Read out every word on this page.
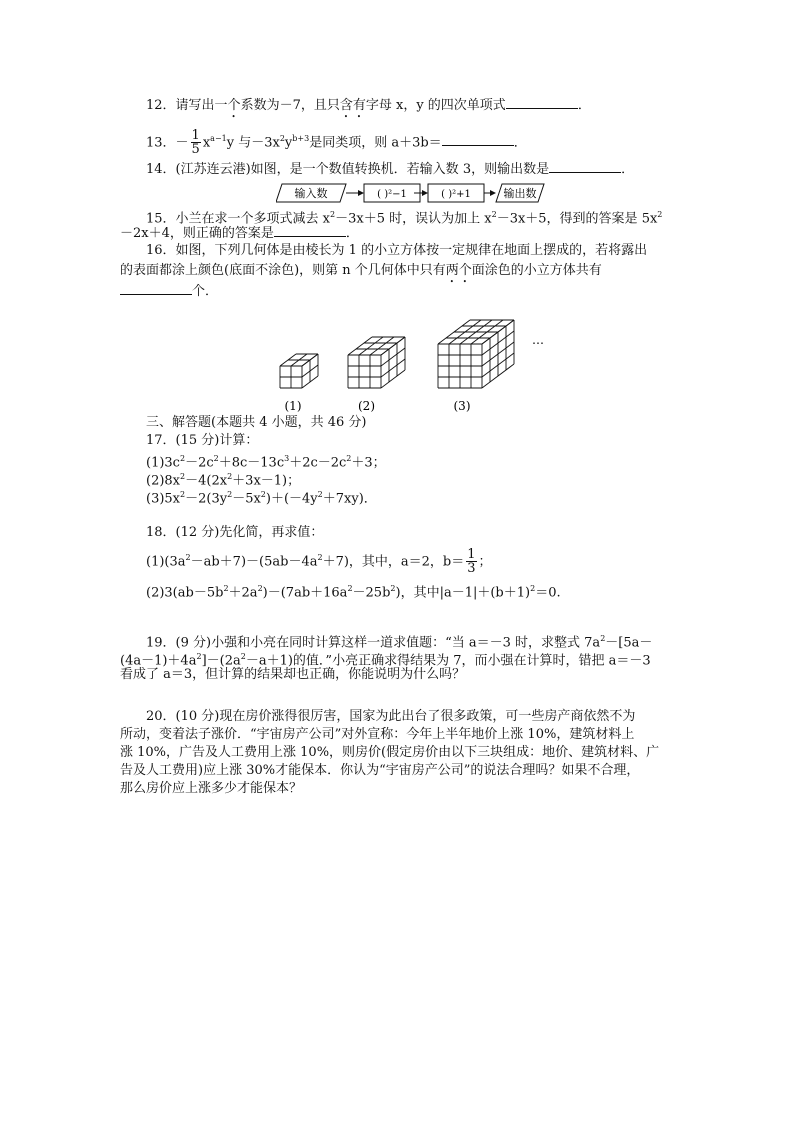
12．请写出一个系数为－7，且只含有字母 x，y 的四次单项式	．
13．－ $\frac{1}{5} x^{a-1}y$ 与$-3x^2y^{b+3}$是同类项，则 a＋3b＝	．
14．(江苏连云港)如图，是一个数值转换机．若输入数 3，则输出数是	．
输入数	( )²−1	( )²+1	输出数
15．小兰在求一个多项式减去 $x^2-3x+5$ 时，误认为加上 $x^2-3x+5$，得到的答案是 $5x^2$
－2x＋4，则正确的答案是	．
16．如图，下列几何体是由棱长为 1 的小立方体按一定规律在地面上摆成的，若将露出
的表面都涂上颜色(底面不涂色)，则第 n 个几何体中只有两个面涂色的小立方体共有
个．
(1)	(2)	(3)
…
三、解答题(本题共 4 小题，共 46 分)
17．(15 分)计算：
$(1)3c^2-2c^2+8c-13c^3+2c-2c^2+3$；
$(2)8x^2-4(2x^2+3x-1)$；
$(3)5x^2-2(3y^2-5x^2)+(-4y^2+7xy)$．
18．(12 分)先化简，再求值：
$(1)(3a^2-ab+7)-(5ab-4a^2+7)$，其中，a＝2，$b= \frac{1}{3}$ ；
$(2)3(ab-5b^2+2a^2)-(7ab+16a^2-25b^2)$，其中$|a-1|+(b+1)^2=0$.
19．(9 分)小强和小亮在同时计算这样一道求值题：“当 a＝－3 时，求整式 $7a^2-[5a-$
$(4a-1)+4a^2]-(2a^2-a+1)$的值．”小亮正确求得结果为 7，而小强在计算时，错把 a＝－3
看成了 a＝3，但计算的结果却也正确，你能说明为什么吗？
20．(10 分)现在房价涨得很厉害，国家为此出台了很多政策，可一些房产商依然不为
所动，变着法子涨价．“宇宙房产公司”对外宣称：今年上半年地价上涨 10%，建筑材料上
涨 10%，广告及人工费用上涨 10%，则房价(假定房价由以下三块组成：地价、建筑材料、广
告及人工费用)应上涨 30%才能保本．你认为“宇宙房产公司”的说法合理吗？如果不合理，
那么房价应上涨多少才能保本？
